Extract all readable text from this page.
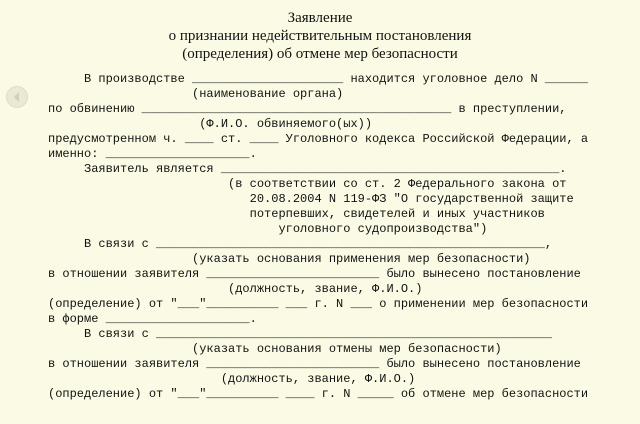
Заявление
о признании недействительным постановления
(определения) об отмене мер безопасности
В производстве _____________________ находится уголовное дело N ______
(наименование органа)
по обвинению ___________________________________________ в преступлении,
(Ф.И.О. обвиняемого(ых))
предусмотренном ч. ____ ст. ____ Уголовного кодекса Российской Федерации, а
именно: ____________________.
Заявитель является _______________________________________________.
(в соответствии со ст. 2 Федерального закона от
20.08.2004 N 119-ФЗ "О государственной защите
потерпевших, свидетелей и иных участников
уголовного судопроизводства")
В связи с ______________________________________________________,
(указать основания применения мер безопасности)
в отношении заявителя ________________________ было вынесено постановление
(должность, звание, Ф.И.О.)
(определение) от "___"__________ ___ г. N ___ о применении мер безопасности
в форме ____________________.
В связи с _______________________________________________________
(указать основания отмены мер безопасности)
в отношении заявителя ________________________ было вынесено постановление
(должность, звание, Ф.И.О.)
(определение) от "___"__________ ____ г. N _____ об отмене мер безопасности
